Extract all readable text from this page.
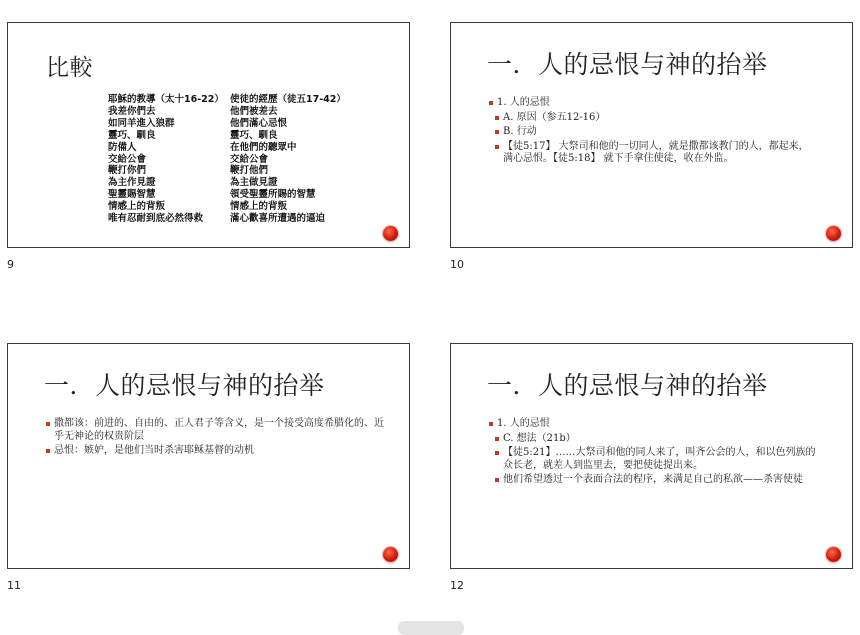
比較
耶穌的教導（太十16-22） 使徒的經歷（徒五17-42）
我差你們去	他們被差去
如同羊進入狼群	他們滿心忌恨
靈巧、馴良	靈巧、馴良
防備人	在他們的聽眾中
交給公會	交給公會
鞭打你們	鞭打他們
為主作見證	為主做見證
聖靈賜智慧	領受聖靈所賜的智慧
情感上的背叛	情感上的背叛
唯有忍耐到底必然得救	滿心歡喜所遭遇的逼迫
9
一．人的忌恨与神的抬举
1. 人的忌恨
A. 原因（参五12-16）
B. 行动
【徒5:17】 大祭司和他的一切同人，就是撒都该教门的人，都起来，满心忌恨。【徒5:18】 就下手拿住使徒，收在外监。
10
一．人的忌恨与神的抬举
撒都该：前进的、自由的、正人君子等含义，是一个接受高度希腊化的、近乎无神论的权贵阶层
忌恨：嫉妒，是他们当时杀害耶稣基督的动机
11
一．人的忌恨与神的抬举
1. 人的忌恨
C. 想法（21b）
【徒5:21】……大祭司和他的同人来了，叫齐公会的人，和以色列族的众长老，就差人到监里去，要把使徒提出来。
他们希望透过一个表面合法的程序，来满足自己的私欲——杀害使徒
12
